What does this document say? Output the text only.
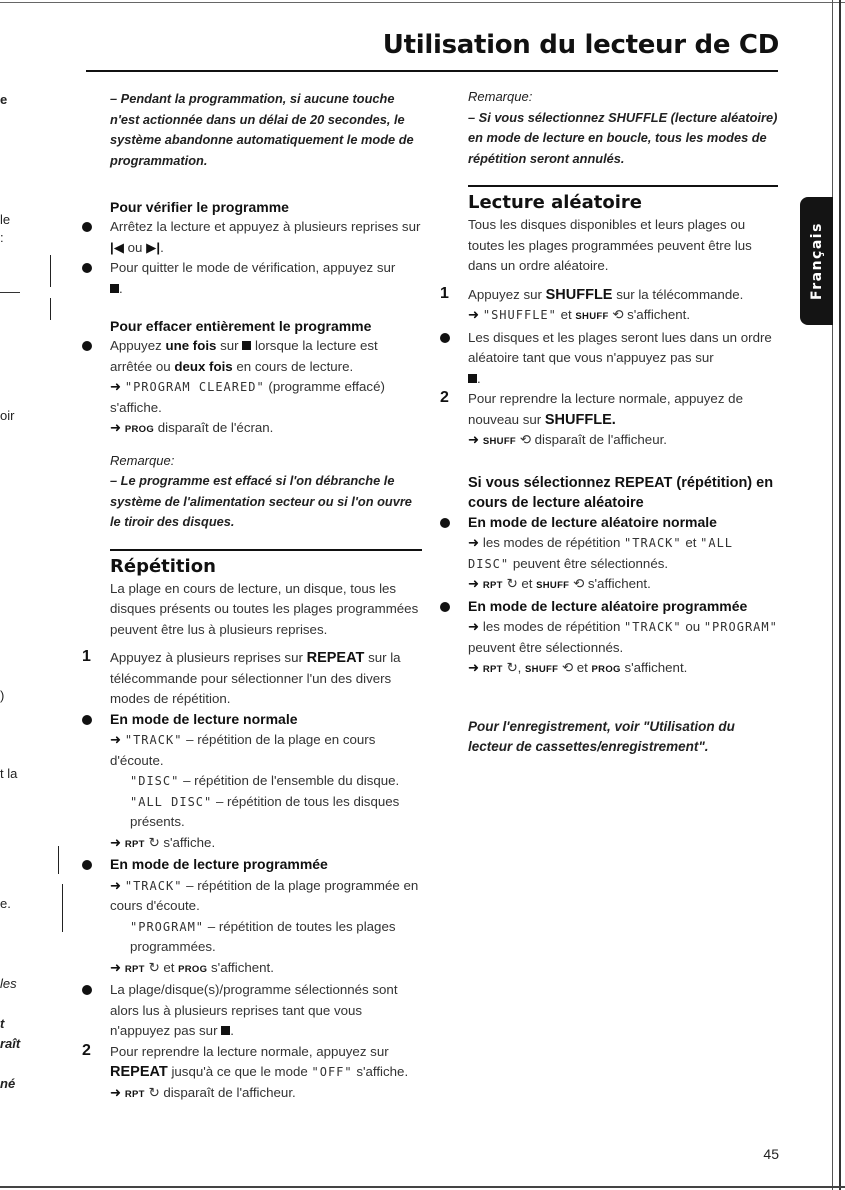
Utilisation du lecteur de CD
Français
e
le
:
oir
)
t la
e.
les
t
raît
né

– Pendant la programmation, si aucune touche n'est actionnée dans un délai de 20 secondes, le système abandonne automatiquement le mode de programmation.

Pour vérifier le programme

Arrêtez la lecture et appuyez à plusieurs reprises sur |◀ ou ▶|.
Pour quitter le mode de vérification, appuyez sur
.

Pour effacer entièrement le programme

Appuyez une fois sur lorsque la lecture est arrêtée ou deux fois en cours de lecture.
➜ "PROGRAM CLEARED" (programme effacé) s'affiche.
➜ PROG disparaît de l'écran.

Remarque:

– Le programme est effacé si l'on débranche le système de l'alimentation secteur ou si l'on ouvre le tiroir des disques.

Répétition

La plage en cours de lecture, un disque, tous les disques présents ou toutes les plages programmées peuvent être lus à plusieurs reprises.

1 Appuyez à plusieurs reprises sur REPEAT sur la télécommande pour sélectionner l'un des divers modes de répétition.
En mode de lecture normale
➜ "TRACK" – répétition de la plage en cours d'écoute.
"DISC" – répétition de l'ensemble du disque.
"ALL DISC" – répétition de tous les disques présents.
➜ RPT ↻ s'affiche.
En mode de lecture programmée
➜ "TRACK" – répétition de la plage programmée en cours d'écoute.
"PROGRAM" – répétition de toutes les plages programmées.
➜ RPT ↻ et PROG s'affichent.
La plage/disque(s)/programme sélectionnés sont alors lus à plusieurs reprises tant que vous n'appuyez pas sur .
2 Pour reprendre la lecture normale, appuyez sur REPEAT jusqu'à ce que le mode "OFF" s'affiche.
➜ RPT ↻ disparaît de l'afficheur.

Remarque:

– Si vous sélectionnez SHUFFLE (lecture aléatoire) en mode de lecture en boucle, tous les modes de répétition seront annulés.

Lecture aléatoire

Tous les disques disponibles et leurs plages ou toutes les plages programmées peuvent être lus dans un ordre aléatoire.

1 Appuyez sur SHUFFLE sur la télécommande.
➜ "SHUFFLE" et SHUFF ⟲ s'affichent.
Les disques et les plages seront lues dans un ordre aléatoire tant que vous n'appuyez pas sur
.
2 Pour reprendre la lecture normale, appuyez de nouveau sur SHUFFLE.
➜ SHUFF ⟲ disparaît de l'afficheur.

Si vous sélectionnez REPEAT (répétition) en cours de lecture aléatoire

En mode de lecture aléatoire normale
➜ les modes de répétition "TRACK" et "ALL DISC" peuvent être sélectionnés.
➜ RPT ↻ et SHUFF ⟲ s'affichent.
En mode de lecture aléatoire programmée
➜ les modes de répétition "TRACK" ou "PROGRAM" peuvent être sélectionnés.
➜ RPT ↻, SHUFF ⟲ et PROG s'affichent.

Pour l'enregistrement, voir "Utilisation du lecteur de cassettes/enregistrement".

45
